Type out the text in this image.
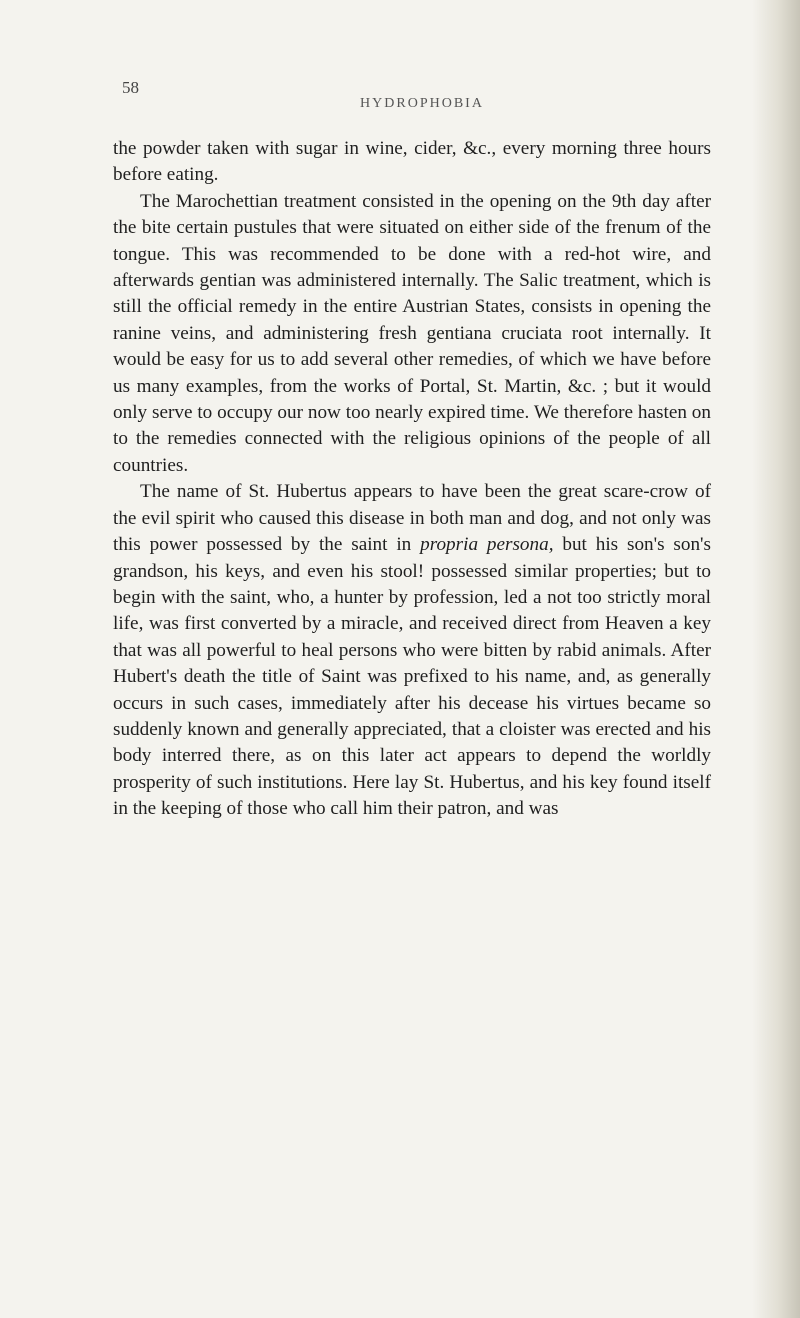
58
HYDROPHOBIA

the powder taken with sugar in wine, cider, &c., every morning three hours before eating.

The Marochettian treatment consisted in the opening on the 9th day after the bite certain pustules that were situated on either side of the frenum of the tongue. This was recommended to be done with a red-hot wire, and afterwards gentian was administered internally. The Salic treatment, which is still the official remedy in the entire Austrian States, consists in opening the ranine veins, and administering fresh gentiana cruciata root internally. It would be easy for us to add several other remedies, of which we have before us many examples, from the works of Portal, St. Martin, &c. ; but it would only serve to occupy our now too nearly expired time. We therefore hasten on to the remedies connected with the religious opinions of the people of all countries.

The name of St. Hubertus appears to have been the great scare-crow of the evil spirit who caused this disease in both man and dog, and not only was this power possessed by the saint in propria persona, but his son's son's grandson, his keys, and even his stool! possessed similar properties; but to begin with the saint, who, a hunter by profession, led a not too strictly moral life, was first converted by a miracle, and received direct from Heaven a key that was all powerful to heal persons who were bitten by rabid animals. After Hubert's death the title of Saint was prefixed to his name, and, as generally occurs in such cases, immediately after his decease his virtues became so suddenly known and generally appreciated, that a cloister was erected and his body interred there, as on this later act appears to depend the worldly prosperity of such institutions. Here lay St. Hubertus, and his key found itself in the keeping of those who call him their patron, and was
